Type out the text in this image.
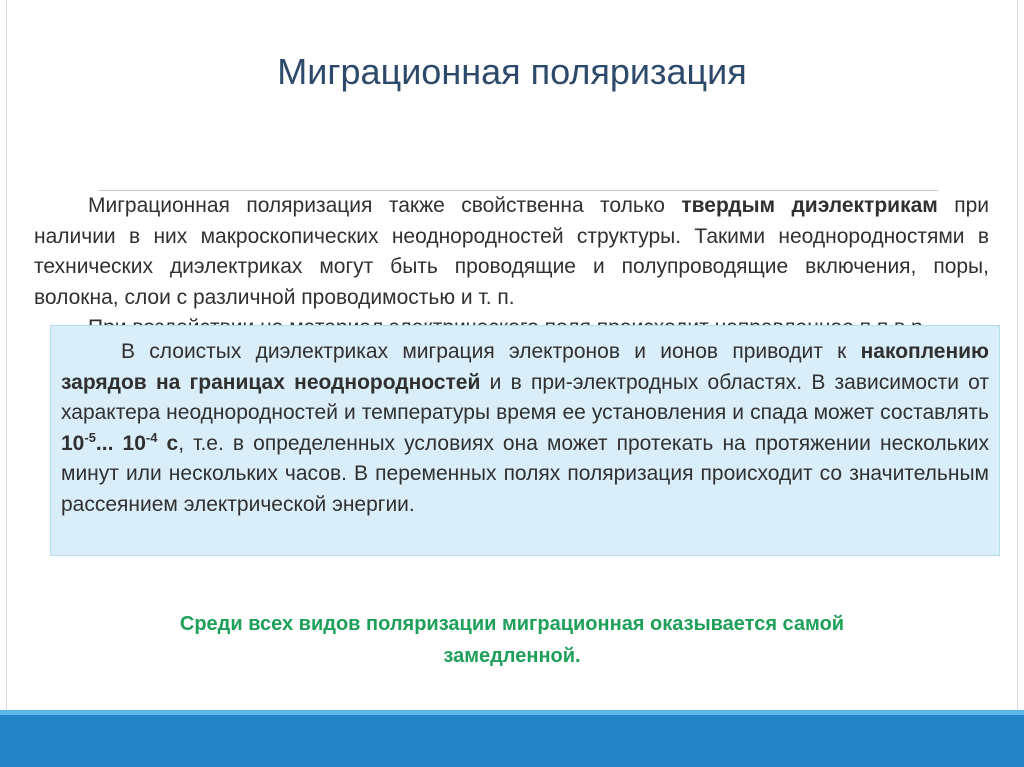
Миграционная поляризация
Миграционная поляризация также свойственна только твердым диэлектрикам при наличии в них макроскопических неоднородностей структуры. Такими неоднородностями в технических диэлектриках могут быть проводящие и полупроводящие включения, поры, волокна, слои с различной проводимостью и т. п.
В слоистых диэлектриках миграция электронов и ионов приводит к накоплению зарядов на границах неоднородностей и в при-электродных областях. В зависимости от характера неоднородностей и температуры время ее установления и спада может составлять $10^{-5}$... $10^{-4}$ с, т.е. в определенных условиях она может протекать на протяжении нескольких минут или нескольких часов. В переменных полях поляризация происходит со значительным рассеянием электрической энергии.
Среди всех видов поляризации миграционная оказывается самой замедленной.
